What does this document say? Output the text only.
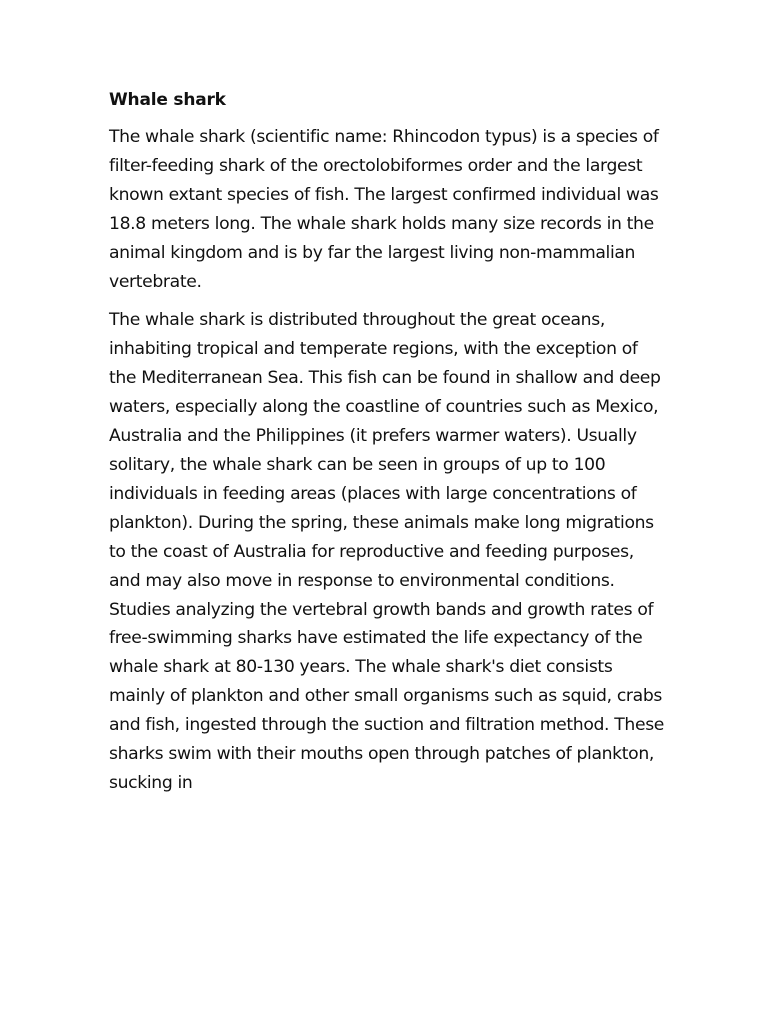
Whale shark

The whale shark (scientific name: Rhincodon typus) is a species of filter-feeding shark of the orectolobiformes order and the largest known extant species of fish. The largest confirmed individual was 18.8 meters long. The whale shark holds many size records in the animal kingdom and is by far the largest living non-mammalian vertebrate.

The whale shark is distributed throughout the great oceans, inhabiting tropical and temperate regions, with the exception of the Mediterranean Sea. This fish can be found in shallow and deep waters, especially along the coastline of countries such as Mexico, Australia and the Philippines (it prefers warmer waters). Usually solitary, the whale shark can be seen in groups of up to 100 individuals in feeding areas (places with large concentrations of plankton). During the spring, these animals make long migrations to the coast of Australia for reproductive and feeding purposes, and may also move in response to environmental conditions. Studies analyzing the vertebral growth bands and growth rates of free-swimming sharks have estimated the life expectancy of the whale shark at 80-130 years. The whale shark's diet consists mainly of plankton and other small organisms such as squid, crabs and fish, ingested through the suction and filtration method. These sharks swim with their mouths open through patches of plankton, sucking in
